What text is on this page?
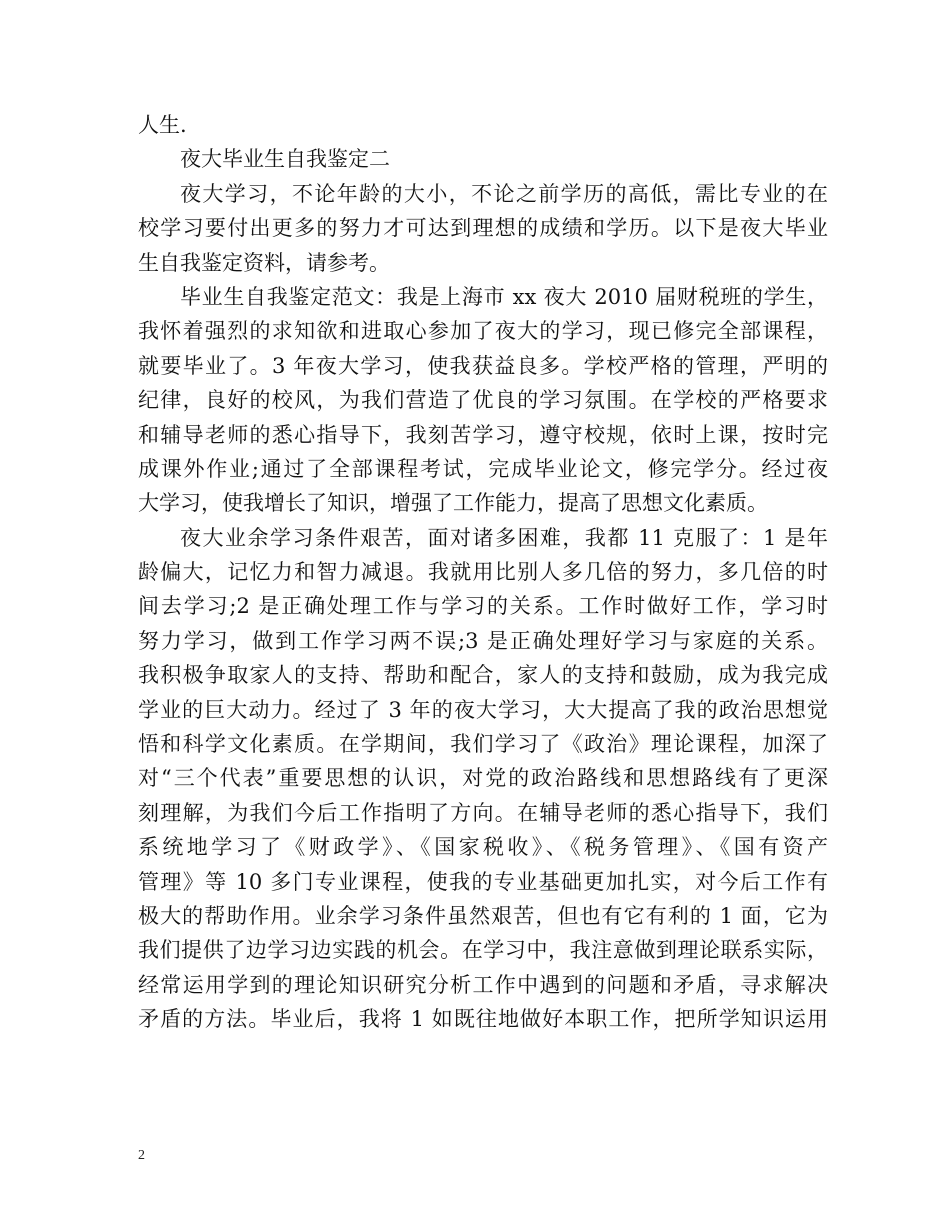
人生.
夜大毕业生自我鉴定二
夜大学习，不论年龄的大小，不论之前学历的高低，需比专业的在
校学习要付出更多的努力才可达到理想的成绩和学历。以下是夜大毕业
生自我鉴定资料，请参考。
毕业生自我鉴定范文：我是上海市 xx 夜大 2010 届财税班的学生，
我怀着强烈的求知欲和进取心参加了夜大的学习，现已修完全部课程，
就要毕业了。3 年夜大学习，使我获益良多。学校严格的管理，严明的
纪律，良好的校风，为我们营造了优良的学习氛围。在学校的严格要求
和辅导老师的悉心指导下，我刻苦学习，遵守校规，依时上课，按时完
成课外作业;通过了全部课程考试，完成毕业论文，修完学分。经过夜
大学习，使我增长了知识，增强了工作能力，提高了思想文化素质。
夜大业余学习条件艰苦，面对诸多困难，我都 11 克服了：1 是年
龄偏大，记忆力和智力减退。我就用比别人多几倍的努力，多几倍的时
间去学习;2 是正确处理工作与学习的关系。工作时做好工作，学习时
努力学习，做到工作学习两不误;3 是正确处理好学习与家庭的关系。
我积极争取家人的支持、帮助和配合，家人的支持和鼓励，成为我完成
学业的巨大动力。经过了 3 年的夜大学习，大大提高了我的政治思想觉
悟和科学文化素质。在学期间，我们学习了《政治》理论课程，加深了
对“三个代表”重要思想的认识，对党的政治路线和思想路线有了更深
刻理解，为我们今后工作指明了方向。在辅导老师的悉心指导下，我们
系统地学习了《财政学》、《国家税收》、《税务管理》、《国有资产
管理》等 10 多门专业课程，使我的专业基础更加扎实，对今后工作有
极大的帮助作用。业余学习条件虽然艰苦，但也有它有利的 1 面，它为
我们提供了边学习边实践的机会。在学习中，我注意做到理论联系实际，
经常运用学到的理论知识研究分析工作中遇到的问题和矛盾，寻求解决
矛盾的方法。毕业后，我将 1 如既往地做好本职工作，把所学知识运用
2
